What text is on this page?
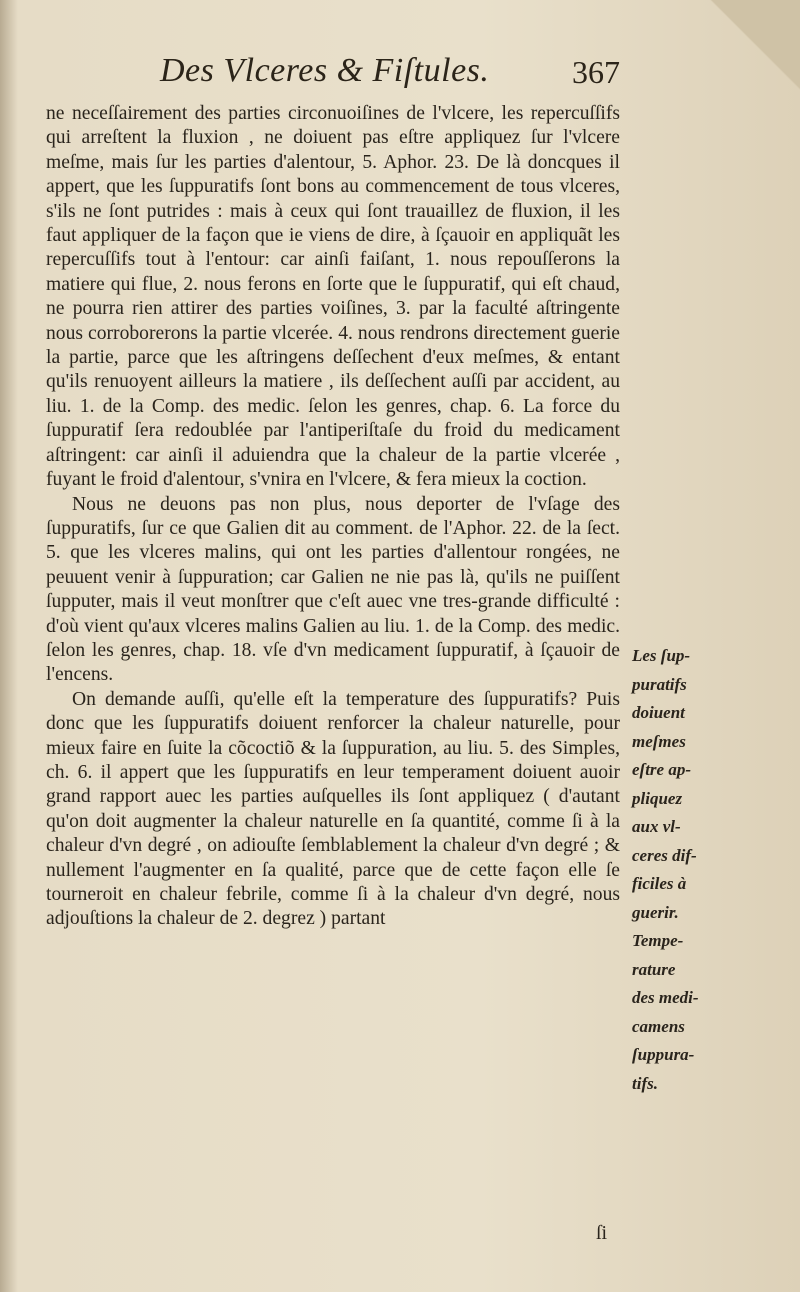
Des Vlceres & Fiſtules.	367

ne neceſſairement des parties circonuoiſines de l'vlcere, les repercuſſifs qui arreſtent la fluxion , ne doiuent pas eſtre appliquez ſur l'vlcere meſme, mais ſur les parties d'alentour, 5. Aphor. 23. De là doncques il appert, que les ſuppuratifs ſont bons au commencement de tous vlceres, s'ils ne ſont putrides : mais à ceux qui ſont trauaillez de fluxion, il les faut appliquer de la façon que ie viens de dire, à ſçauoir en appliquãt les repercuſſifs tout à l'entour: car ainſi faiſant, 1. nous repouſſerons la matiere qui flue, 2. nous ferons en ſorte que le ſuppuratif, qui eſt chaud, ne pourra rien attirer des parties voiſines, 3. par la faculté aſtringente nous corroborerons la partie vlcerée. 4. nous rendrons directement guerie la partie, parce que les aſtringens deſſechent d'eux meſmes, & entant qu'ils renuoyent ailleurs la matiere , ils deſſechent auſſi par accident, au liu. 1. de la Comp. des medic. ſelon les genres, chap. 6. La force du ſuppuratif ſera redoublée par l'antiperiſtaſe du froid du medicament aſtringent: car ainſi il aduiendra que la chaleur de la partie vlcerée , fuyant le froid d'alentour, s'vnira en l'vlcere, & fera mieux la coction.

Nous ne deuons pas non plus, nous deporter de l'vſage des ſuppuratifs, ſur ce que Galien dit au comment. de l'Aphor. 22. de la ſect. 5. que les vlceres malins, qui ont les parties d'allentour rongées, ne peuuent venir à ſuppuration; car Galien ne nie pas là, qu'ils ne puiſſent ſupputer, mais il veut monſtrer que c'eſt auec vne tres-grande difficulté : d'où vient qu'aux vlceres malins Galien au liu. 1. de la Comp. des medic. ſelon les genres, chap. 18. vſe d'vn medicament ſuppuratif, à ſçauoir de l'encens.

On demande auſſi, qu'elle eſt la temperature des ſuppuratifs? Puis donc que les ſuppuratifs doiuent renforcer la chaleur naturelle, pour mieux faire en ſuite la cõcoctiõ & la ſuppuration, au liu. 5. des Simples, ch. 6. il appert que les ſuppuratifs en leur temperament doiuent auoir grand rapport auec les parties auſquelles ils ſont appliquez ( d'autant qu'on doit augmenter la chaleur naturelle en ſa quantité, comme ſi à la chaleur d'vn degré , on adiouſte ſemblablement la chaleur d'vn degré ; & nullement l'augmenter en ſa qualité, parce que de cette façon elle ſe tourneroit en chaleur febrile, comme ſi à la chaleur d'vn degré, nous adjouſtions la chaleur de 2. degrez ) partant

Les ſup-
puratifs
doiuent
meſmes
eſtre ap-
pliquez
aux vl-
ceres dif-
ficiles à
guerir.
Tempe-
rature
des medi-
camens
ſuppura-
tifs.
ſi
